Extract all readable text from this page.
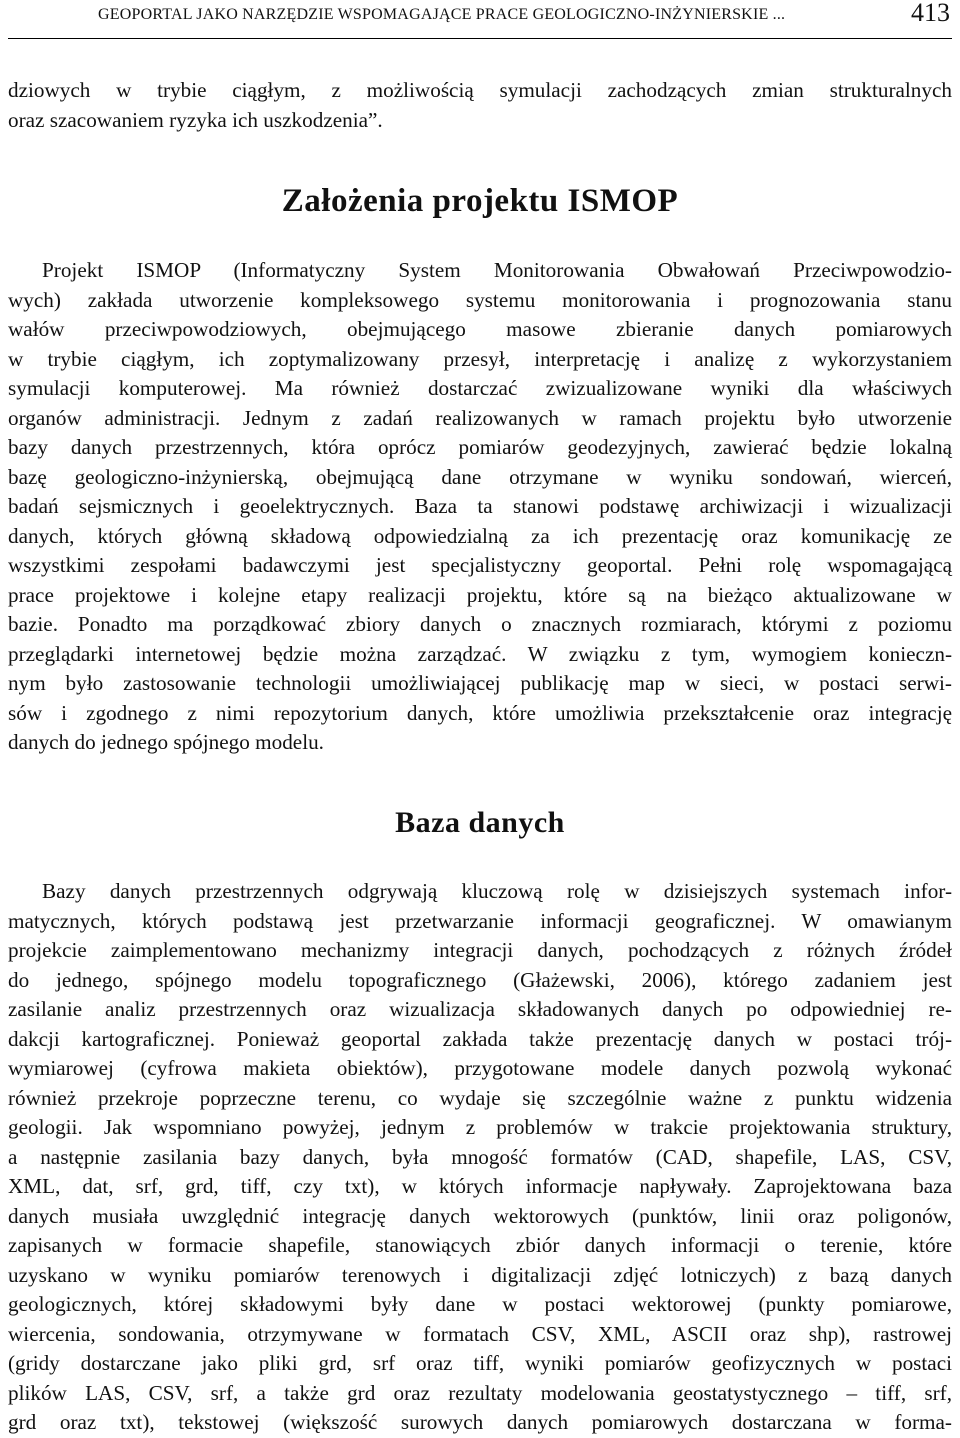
GEOPORTAL JAKO NARZĘDZIE WSPOMAGAJĄCE PRACE GEOLOGICZNO-INŻYNIERSKIE ...	413
dziowych w trybie ciągłym, z możliwością symulacji zachodzących zmian strukturalnych
oraz szacowaniem ryzyka ich uszkodzenia”.
Założenia projektu ISMOP
Projekt ISMOP (Informatyczny System Monitorowania Obwałowań Przeciwpowodzio-
wych) zakłada utworzenie kompleksowego systemu monitorowania i prognozowania stanu
wałów przeciwpowodziowych, obejmującego masowe zbieranie danych pomiarowych
w trybie ciągłym, ich zoptymalizowany przesył, interpretację i analizę z wykorzystaniem
symulacji komputerowej. Ma również dostarczać zwizualizowane wyniki dla właściwych
organów administracji. Jednym z zadań realizowanych w ramach projektu było utworzenie
bazy danych przestrzennych, która oprócz pomiarów geodezyjnych, zawierać będzie lokalną
bazę geologiczno-inżynierską, obejmującą dane otrzymane w wyniku sondowań, wierceń,
badań sejsmicznych i geoelektrycznych. Baza ta stanowi podstawę archiwizacji i wizualizacji
danych, których główną składową odpowiedzialną za ich prezentację oraz komunikację ze
wszystkimi zespołami badawczymi jest specjalistyczny geoportal. Pełni rolę wspomagającą
prace projektowe i kolejne etapy realizacji projektu, które są na bieżąco aktualizowane w
bazie. Ponadto ma porządkować zbiory danych o znacznych rozmiarach, którymi z poziomu
przeglądarki internetowej będzie można zarządzać. W związku z tym, wymogiem konieczn-
nym było zastosowanie technologii umożliwiającej publikację map w sieci, w postaci serwi-
sów i zgodnego z nimi repozytorium danych, które umożliwia przekształcenie oraz integrację
danych do jednego spójnego modelu.
Baza danych
Bazy danych przestrzennych odgrywają kluczową rolę w dzisiejszych systemach infor-
matycznych, których podstawą jest przetwarzanie informacji geograficznej. W omawianym
projekcie zaimplementowano mechanizmy integracji danych, pochodzących z różnych źródeł
do jednego, spójnego modelu topograficznego (Głażewski, 2006), którego zadaniem jest
zasilanie analiz przestrzennych oraz wizualizacja składowanych danych po odpowiedniej re-
dakcji kartograficznej. Ponieważ geoportal zakłada także prezentację danych w postaci trój-
wymiarowej (cyfrowa makieta obiektów), przygotowane modele danych pozwolą wykonać
również przekroje poprzeczne terenu, co wydaje się szczególnie ważne z punktu widzenia
geologii. Jak wspomniano powyżej, jednym z problemów w trakcie projektowania struktury,
a następnie zasilania bazy danych, była mnogość formatów (CAD, shapefile, LAS, CSV,
XML, dat, srf, grd, tiff, czy txt), w których informacje napływały. Zaprojektowana baza
danych musiała uwzględnić integrację danych wektorowych (punktów, linii oraz poligonów,
zapisanych w formacie shapefile, stanowiących zbiór danych informacji o terenie, które
uzyskano w wyniku pomiarów terenowych i digitalizacji zdjęć lotniczych) z bazą danych
geologicznych, której składowymi były dane w postaci wektorowej (punkty pomiarowe,
wiercenia, sondowania, otrzymywane w formatach CSV, XML, ASCII oraz shp), rastrowej
(gridy dostarczane jako pliki grd, srf oraz tiff, wyniki pomiarów geofizycznych w postaci
plików LAS, CSV, srf, a także grd oraz rezultaty modelowania geostatystycznego – tiff, srf,
grd oraz txt), tekstowej (większość surowych danych pomiarowych dostarczana w forma-
